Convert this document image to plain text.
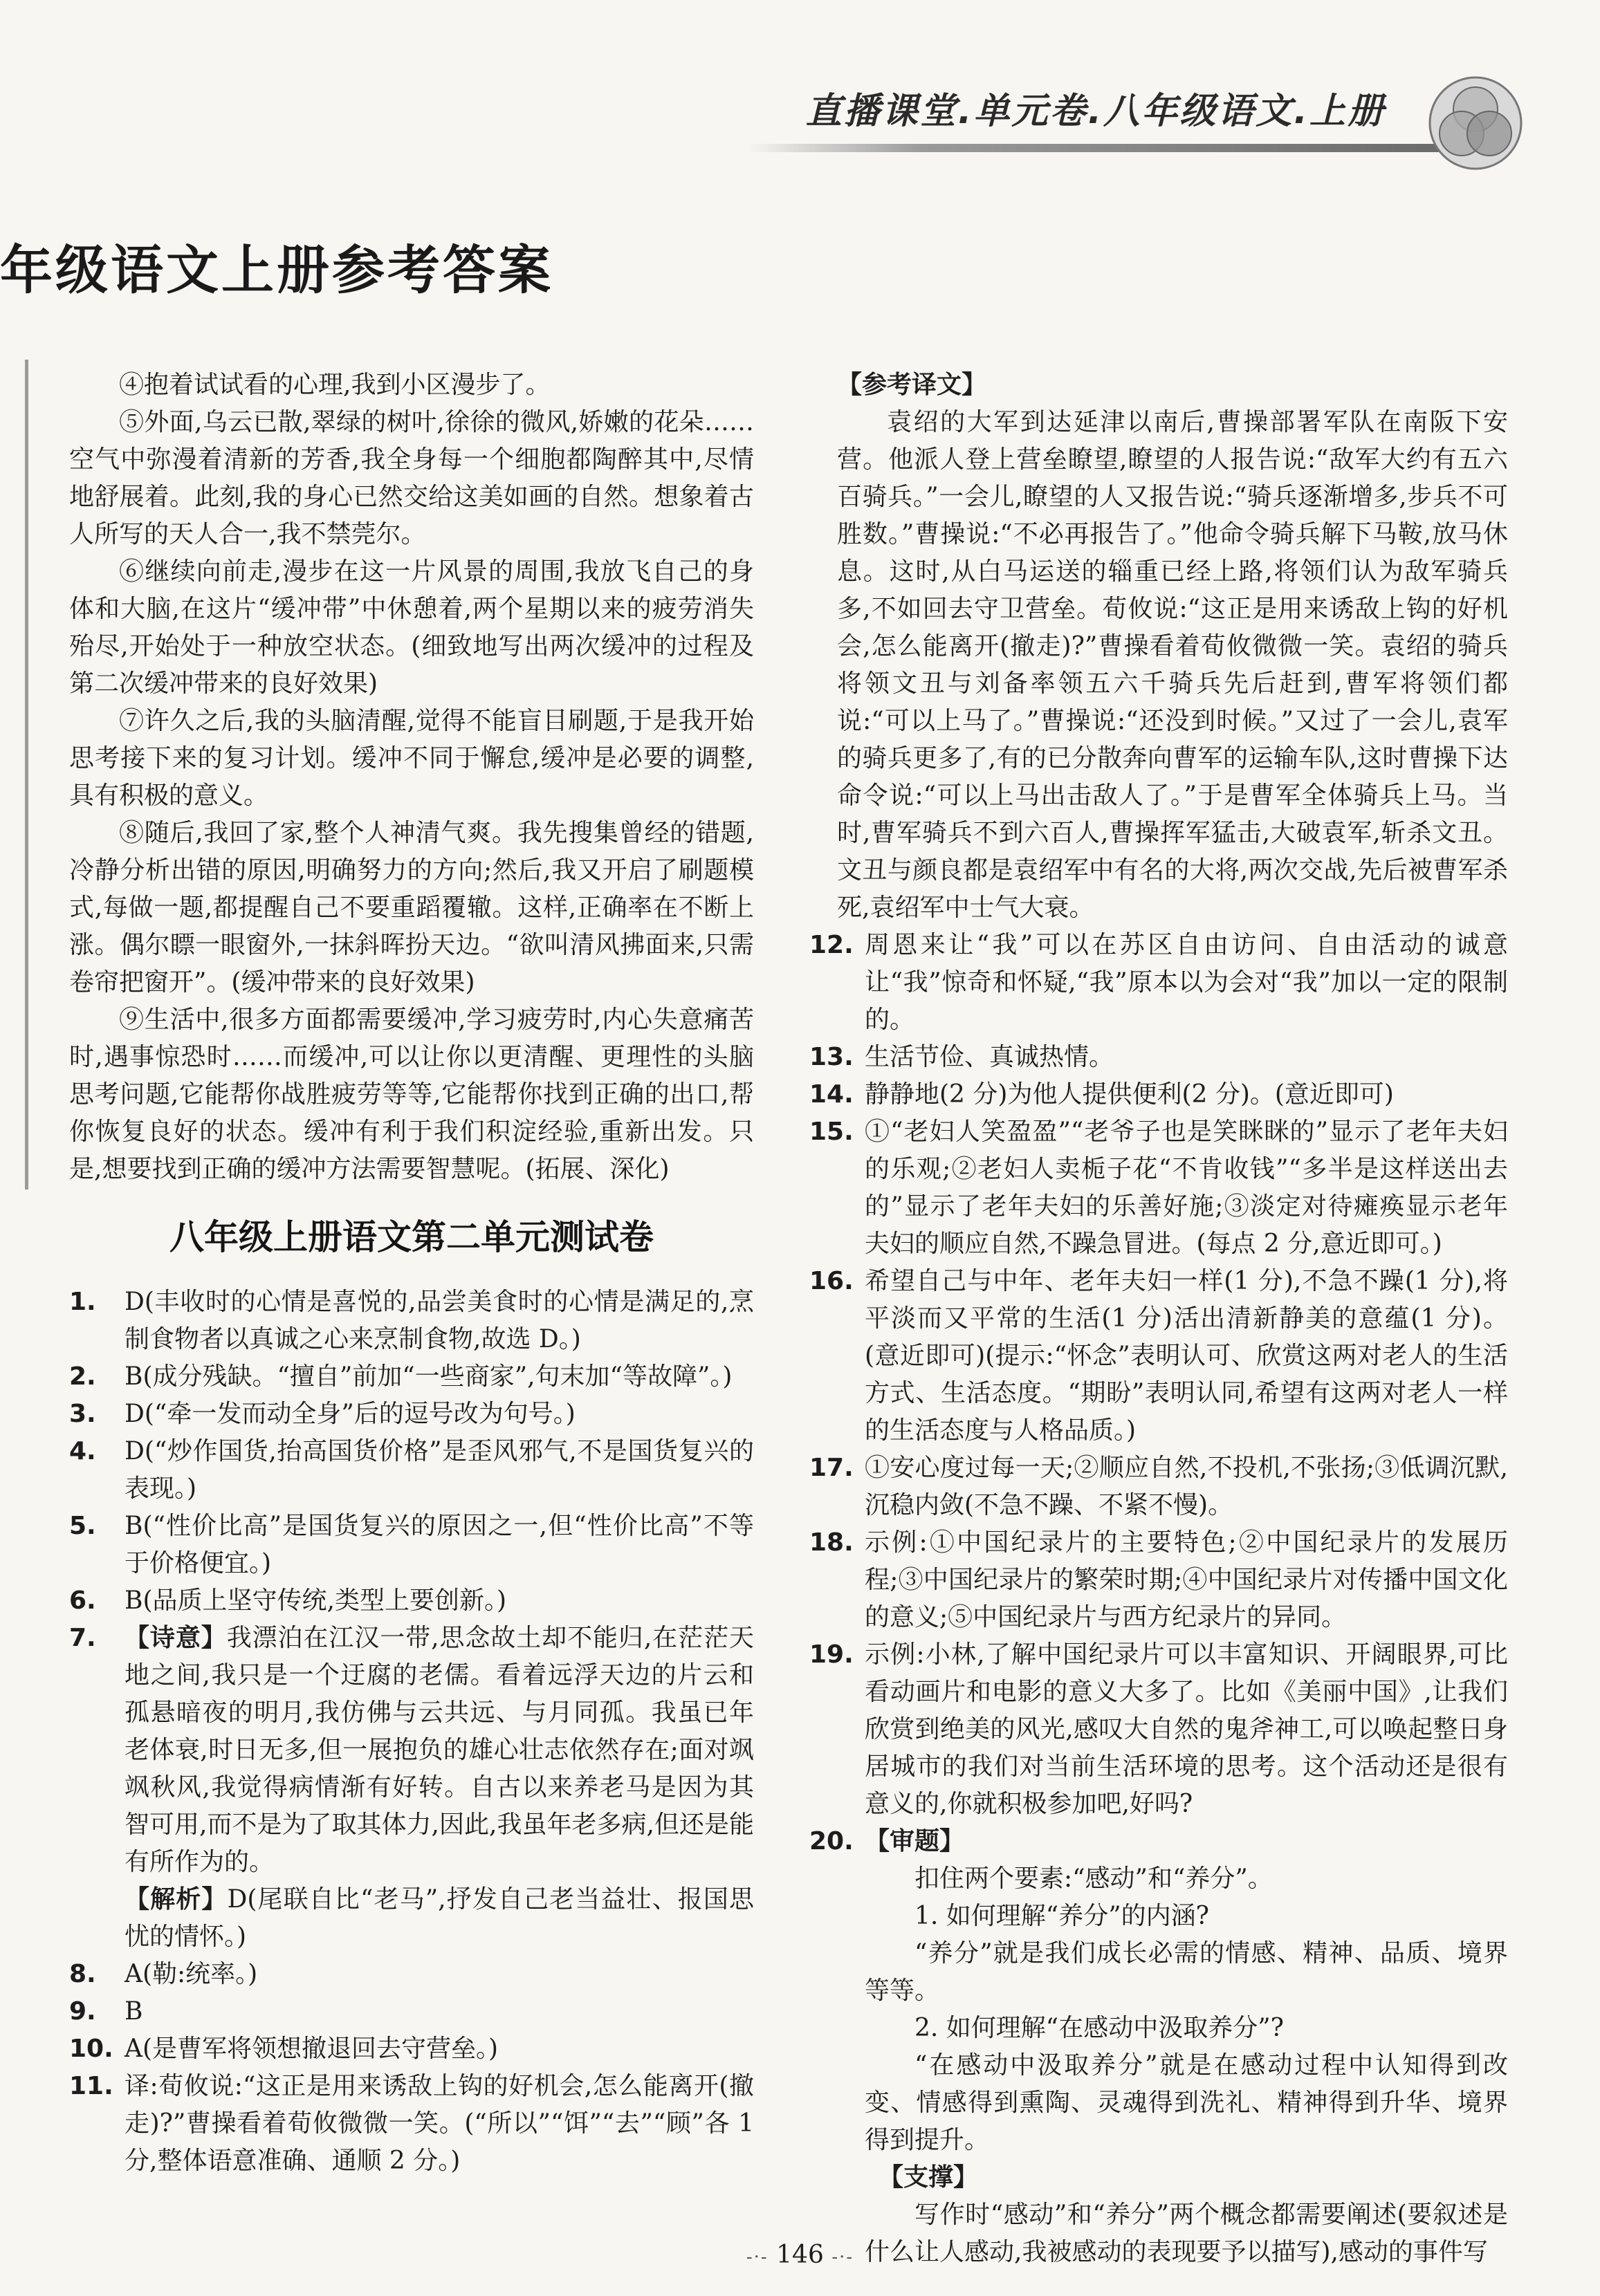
直播课堂.单元卷.八年级语文.上册
年级语文上册参考答案

④抱着试试看的心理,我到小区漫步了。

⑤外面,乌云已散,翠绿的树叶,徐徐的微风,娇嫩的花朵……空气中弥漫着清新的芳香,我全身每一个细胞都陶醉其中,尽情地舒展着。此刻,我的身心已然交给这美如画的自然。想象着古人所写的天人合一,我不禁莞尔。

⑥继续向前走,漫步在这一片风景的周围,我放飞自己的身体和大脑,在这片“缓冲带”中休憩着,两个星期以来的疲劳消失殆尽,开始处于一种放空状态。(细致地写出两次缓冲的过程及第二次缓冲带来的良好效果)

⑦许久之后,我的头脑清醒,觉得不能盲目刷题,于是我开始思考接下来的复习计划。缓冲不同于懈怠,缓冲是必要的调整,具有积极的意义。

⑧随后,我回了家,整个人神清气爽。我先搜集曾经的错题,冷静分析出错的原因,明确努力的方向;然后,我又开启了刷题模式,每做一题,都提醒自己不要重蹈覆辙。这样,正确率在不断上涨。偶尔瞟一眼窗外,一抹斜晖扮天边。“欲叫清风拂面来,只需卷帘把窗开”。(缓冲带来的良好效果)

⑨生活中,很多方面都需要缓冲,学习疲劳时,内心失意痛苦时,遇事惊恐时……而缓冲,可以让你以更清醒、更理性的头脑思考问题,它能帮你战胜疲劳等等,它能帮你找到正确的出口,帮你恢复良好的状态。缓冲有利于我们积淀经验,重新出发。只是,想要找到正确的缓冲方法需要智慧呢。(拓展、深化)

八年级上册语文第二单元测试卷
1. D(丰收时的心情是喜悦的,品尝美食时的心情是满足的,烹制食物者以真诚之心来烹制食物,故选 D。)
2. B(成分残缺。“擅自”前加“一些商家”,句末加“等故障”。)
3. D(“牵一发而动全身”后的逗号改为句号。)
4. D(“炒作国货,抬高国货价格”是歪风邪气,不是国货复兴的表现。)
5. B(“性价比高”是国货复兴的原因之一,但“性价比高”不等于价格便宜。)
6. B(品质上坚守传统,类型上要创新。)
7. 【诗意】我漂泊在江汉一带,思念故土却不能归,在茫茫天地之间,我只是一个迂腐的老儒。看着远浮天边的片云和孤悬暗夜的明月,我仿佛与云共远、与月同孤。我虽已年老体衰,时日无多,但一展抱负的雄心壮志依然存在;面对飒飒秋风,我觉得病情渐有好转。自古以来养老马是因为其智可用,而不是为了取其体力,因此,我虽年老多病,但还是能有所作为的。
【解析】D(尾联自比“老马”,抒发自己老当益壮、报国思忧的情怀。)
8. A(勒:统率。)
9. B
10. A(是曹军将领想撤退回去守营垒。)
11. 译:荀攸说:“这正是用来诱敌上钩的好机会,怎么能离开(撤走)?”曹操看着荀攸微微一笑。(“所以”“饵”“去”“顾”各 1 分,整体语意准确、通顺 2 分。)
【参考译文】

袁绍的大军到达延津以南后,曹操部署军队在南阪下安营。他派人登上营垒瞭望,瞭望的人报告说:“敌军大约有五六百骑兵。”一会儿,瞭望的人又报告说:“骑兵逐渐增多,步兵不可胜数。”曹操说:“不必再报告了。”他命令骑兵解下马鞍,放马休息。这时,从白马运送的辎重已经上路,将领们认为敌军骑兵多,不如回去守卫营垒。荀攸说:“这正是用来诱敌上钩的好机会,怎么能离开(撤走)?”曹操看着荀攸微微一笑。袁绍的骑兵将领文丑与刘备率领五六千骑兵先后赶到,曹军将领们都说:“可以上马了。”曹操说:“还没到时候。”又过了一会儿,袁军的骑兵更多了,有的已分散奔向曹军的运输车队,这时曹操下达命令说:“可以上马出击敌人了。”于是曹军全体骑兵上马。当时,曹军骑兵不到六百人,曹操挥军猛击,大破袁军,斩杀文丑。文丑与颜良都是袁绍军中有名的大将,两次交战,先后被曹军杀死,袁绍军中士气大衰。

12. 周恩来让“我”可以在苏区自由访问、自由活动的诚意让“我”惊奇和怀疑,“我”原本以为会对“我”加以一定的限制的。
13. 生活节俭、真诚热情。
14. 静静地(2 分)为他人提供便利(2 分)。(意近即可)
15. ①“老妇人笑盈盈”“老爷子也是笑眯眯的”显示了老年夫妇的乐观;②老妇人卖栀子花“不肯收钱”“多半是这样送出去的”显示了老年夫妇的乐善好施;③淡定对待瘫痪显示老年夫妇的顺应自然,不躁急冒进。(每点 2 分,意近即可。)
16. 希望自己与中年、老年夫妇一样(1 分),不急不躁(1 分),将平淡而又平常的生活(1 分)活出清新静美的意蕴(1 分)。(意近即可)(提示:“怀念”表明认可、欣赏这两对老人的生活方式、生活态度。“期盼”表明认同,希望有这两对老人一样的生活态度与人格品质。)
17. ①安心度过每一天;②顺应自然,不投机,不张扬;③低调沉默,沉稳内敛(不急不躁、不紧不慢)。
18. 示例:①中国纪录片的主要特色;②中国纪录片的发展历程;③中国纪录片的繁荣时期;④中国纪录片对传播中国文化的意义;⑤中国纪录片与西方纪录片的异同。
19. 示例:小林,了解中国纪录片可以丰富知识、开阔眼界,可比看动画片和电影的意义大多了。比如《美丽中国》,让我们欣赏到绝美的风光,感叹大自然的鬼斧神工,可以唤起整日身居城市的我们对当前生活环境的思考。这个活动还是很有意义的,你就积极参加吧,好吗?
20. 【审题】

扣住两个要素:“感动”和“养分”。

1. 如何理解“养分”的内涵?

“养分”就是我们成长必需的情感、精神、品质、境界等等。

2. 如何理解“在感动中汲取养分”?

“在感动中汲取养分”就是在感动过程中认知得到改变、情感得到熏陶、灵魂得到洗礼、精神得到升华、境界得到提升。

【支撑】

写作时“感动”和“养分”两个概念都需要阐述(要叙述是什么让人感动,我被感动的表现要予以描写),感动的事件写

-·- 146 -·-
